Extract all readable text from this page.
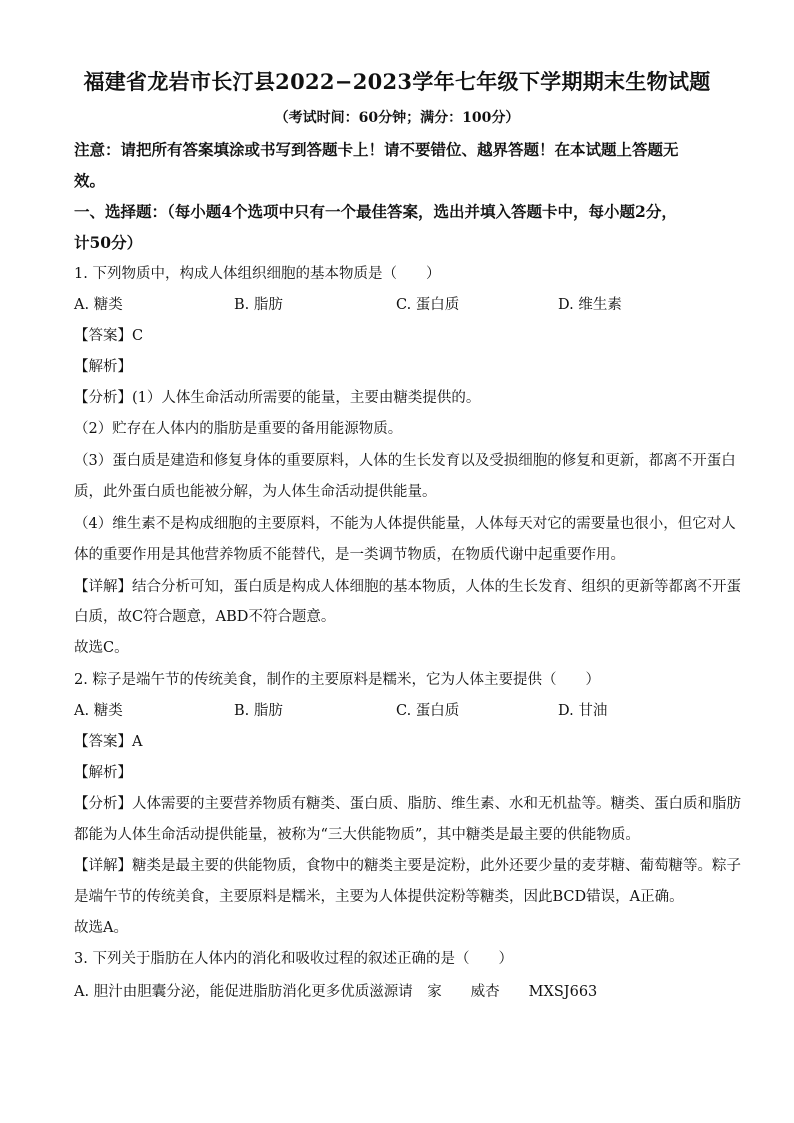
福建省龙岩市长汀县2022−2023学年七年级下学期期末生物试题
（考试时间：60分钟；满分：100分）
注意：请把所有答案填涂或书写到答题卡上！请不要错位、越界答题！在本试题上答题无
效。
一、选择题：（每小题4个选项中只有一个最佳答案，选出并填入答题卡中，每小题2分，
计50分）
1. 下列物质中，构成人体组织细胞的基本物质是（　　）
A. 糖类	B. 脂肪	C. 蛋白质	D. 维生素
【答案】C
【解析】
【分析】(1）人体生命活动所需要的能量，主要由糖类提供的。
（2）贮存在人体内的脂肪是重要的备用能源物质。
（3）蛋白质是建造和修复身体的重要原料，人体的生长发育以及受损细胞的修复和更新，都离不开蛋白
质，此外蛋白质也能被分解，为人体生命活动提供能量。
（4）维生素不是构成细胞的主要原料，不能为人体提供能量，人体每天对它的需要量也很小，但它对人
体的重要作用是其他营养物质不能替代，是一类调节物质，在物质代谢中起重要作用。
【详解】结合分析可知，蛋白质是构成人体细胞的基本物质，人体的生长发育、组织的更新等都离不开蛋
白质，故C符合题意，ABD不符合题意。
故选C。
2. 粽子是端午节的传统美食，制作的主要原料是糯米，它为人体主要提供（　　）
A. 糖类	B. 脂肪	C. 蛋白质	D. 甘油
【答案】A
【解析】
【分析】人体需要的主要营养物质有糖类、蛋白质、脂肪、维生素、水和无机盐等。糖类、蛋白质和脂肪
都能为人体生命活动提供能量，被称为“三大供能物质”，其中糖类是最主要的供能物质。
【详解】糖类是最主要的供能物质，食物中的糖类主要是淀粉，此外还要少量的麦芽糖、葡萄糖等。粽子
是端午节的传统美食，主要原料是糯米，主要为人体提供淀粉等糖类，因此BCD错误，A正确。
故选A。
3. 下列关于脂肪在人体内的消化和吸收过程的叙述正确的是（　　）
A. 胆汁由胆囊分泌，能促进脂肪消化更多优质滋源请　家　　威杏　　MXSJ663
